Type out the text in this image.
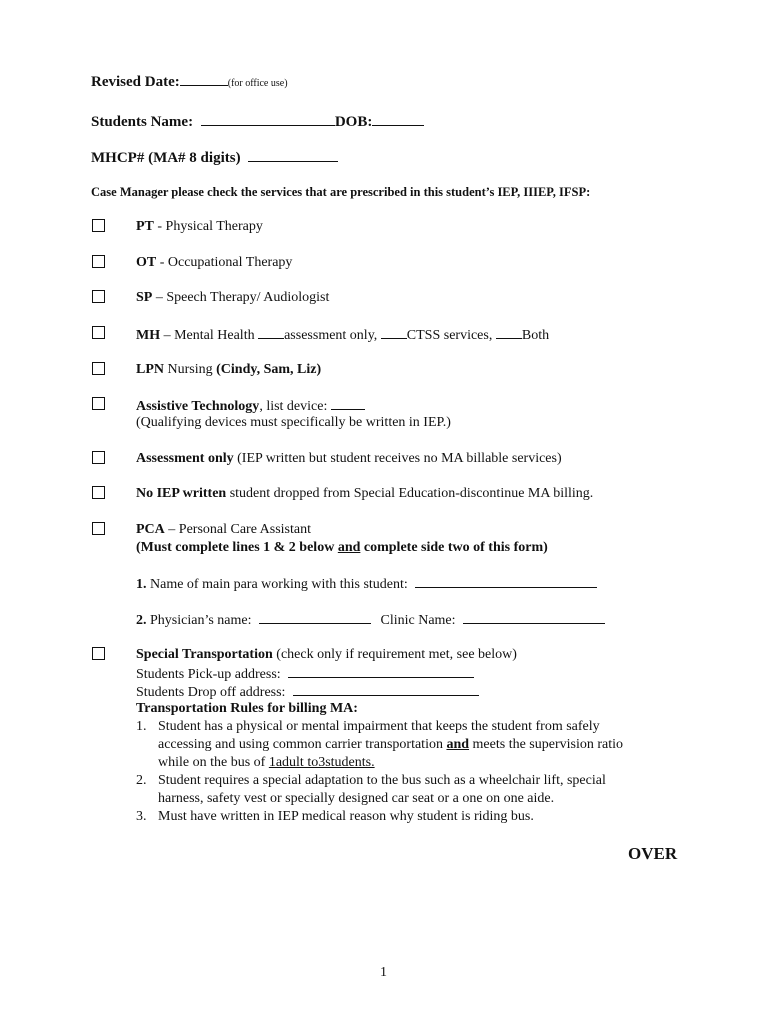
Revised Date:	(for office use)
Students Name:	DOB:
MHCP# (MA# 8 digits)
Case Manager please check the services that are prescribed in this student’s IEP, IIIEP, IFSP:
PT - Physical Therapy
OT - Occupational Therapy
SP – Speech Therapy/ Audiologist
MH – Mental Health assessment only, CTSS services, Both
LPN Nursing (Cindy, Sam, Liz)
Assistive Technology, list device:
(Qualifying devices must specifically be written in IEP.)
Assessment only (IEP written but student receives no MA billable services)
No IEP written student dropped from Special Education-discontinue MA billing.
PCA – Personal Care Assistant
(Must complete lines 1 & 2 below and complete side two of this form)
1. Name of main para working with this student:
2. Physician’s name:	Clinic Name:
Special Transportation (check only if requirement met, see below)
Students Pick-up address:
Students Drop off address:
Transportation Rules for billing MA:
1. Student has a physical or mental impairment that keeps the student from safely
accessing and using common carrier transportation and meets the supervision ratio
while on the bus of 1adult to3students.
2. Student requires a special adaptation to the bus such as a wheelchair lift, special
harness, safety vest or specially designed car seat or a one on one aide.
3. Must have written in IEP medical reason why student is riding bus.
OVER
1
